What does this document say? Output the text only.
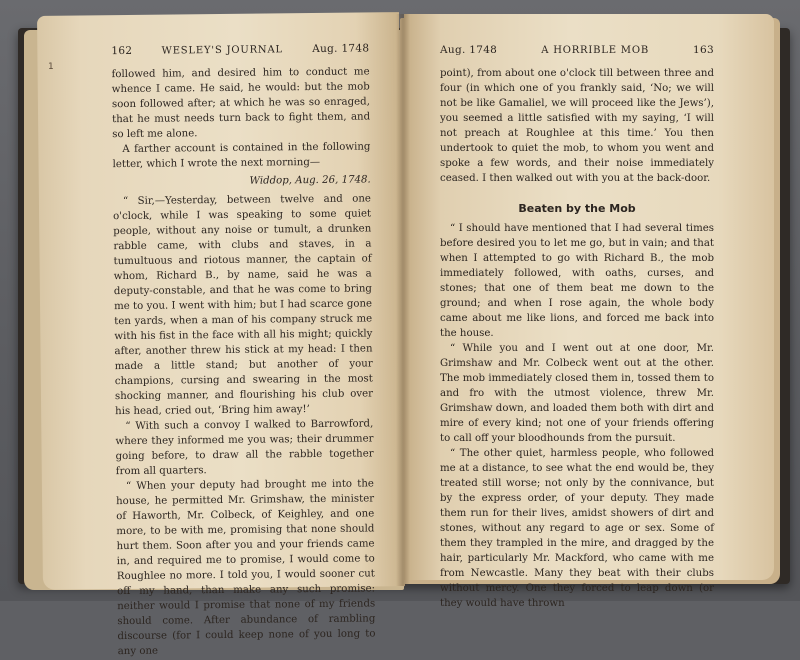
162	WESLEY'S JOURNAL	Aug. 1748

followed him, and desired him to conduct me whence I came. He said, he would: but the mob soon followed after; at which he was so enraged, that he must needs turn back to fight them, and so left me alone.

A farther account is contained in the following letter, which I wrote the next morning—

Widdop, Aug. 26, 1748.

“ Sir,—Yesterday, between twelve and one o'clock, while I was speaking to some quiet people, without any noise or tumult, a drunken rabble came, with clubs and staves, in a tumultuous and riotous manner, the captain of whom, Richard B., by name, said he was a deputy-constable, and that he was come to bring me to you. I went with him; but I had scarce gone ten yards, when a man of his company struck me with his fist in the face with all his might; quickly after, another threw his stick at my head: I then made a little stand; but another of your champions, cursing and swearing in the most shocking manner, and flourishing his club over his head, cried out, ‘Bring him away!’

“ With such a convoy I walked to Barrowford, where they informed me you was; their drummer going before, to draw all the rabble together from all quarters.

“ When your deputy had brought me into the house, he permitted Mr. Grimshaw, the minister of Haworth, Mr. Colbeck, of Keighley, and one more, to be with me, promising that none should hurt them. Soon after you and your friends came in, and required me to promise, I would come to Roughlee no more. I told you, I would sooner cut off my hand, than make any such promise: neither would I promise that none of my friends should come. After abundance of rambling discourse (for I could keep none of you long to any one

1
Aug. 1748	A HORRIBLE MOB	163

point), from about one o'clock till between three and four (in which one of you frankly said, ‘No; we will not be like Gamaliel, we will proceed like the Jews’), you seemed a little satisfied with my saying, ‘I will not preach at Roughlee at this time.’ You then undertook to quiet the mob, to whom you went and spoke a few words, and their noise immediately ceased. I then walked out with you at the back-door.

Beaten by the Mob

“ I should have mentioned that I had several times before desired you to let me go, but in vain; and that when I attempted to go with Richard B., the mob immediately followed, with oaths, curses, and stones; that one of them beat me down to the ground; and when I rose again, the whole body came about me like lions, and forced me back into the house.

“ While you and I went out at one door, Mr. Grimshaw and Mr. Colbeck went out at the other. The mob immediately closed them in, tossed them to and fro with the utmost violence, threw Mr. Grimshaw down, and loaded them both with dirt and mire of every kind; not one of your friends offering to call off your bloodhounds from the pursuit.

“ The other quiet, harmless people, who followed me at a distance, to see what the end would be, they treated still worse; not only by the connivance, but by the express order, of your deputy. They made them run for their lives, amidst showers of dirt and stones, without any regard to age or sex. Some of them they trampled in the mire, and dragged by the hair, particularly Mr. Mackford, who came with me from Newcastle. Many they beat with their clubs without mercy. One they forced to leap down (or they would have thrown
